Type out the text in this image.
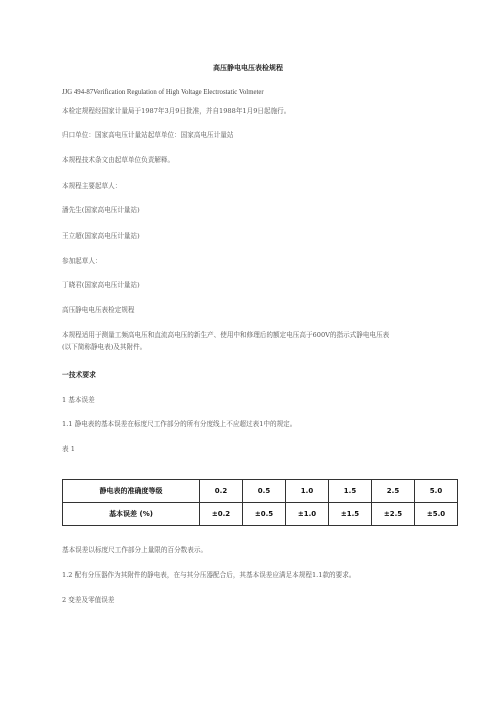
高压静电电压表检规程
JJG 494-87Verification Regulation of High Voltage Electrostatic Volmeter
本检定规程经国家计量局于1987年3月9日批准，并自1988年1月9日起施行。
归口单位：国家高电压计量站起草单位：国家高电压计量站
本规程技术条文由起草单位负责解释。
本规程主要起草人：
潘先生(国家高电压计量站)
王立超(国家高电压计量站)
参加起草人：
丁晓君(国家高电压计量站)
高压静电电压表检定规程
本规程适用于测量工频高电压和直流高电压的新生产、使用中和修理后的额定电压高于600V的指示式静电电压表
(以下简称静电表)及其附件。
一技术要求
1 基本误差
1.1 静电表的基本误差在标度尺工作部分的所有分度线上不应超过表1中的规定。
表 1
静电表的准确度等级	0.2	0.5	1.0	1.5	2.5	5.0
基本误差 (%)	±0.2	±0.5	±1.0	±1.5	±2.5	±5.0
基本误差以标度尺工作部分上量限的百分数表示。
1.2 配有分压器作为其附件的静电表，在与其分压器配合后，其基本误差应满足本规程1.1款的要求。
2 变差及零值误差
